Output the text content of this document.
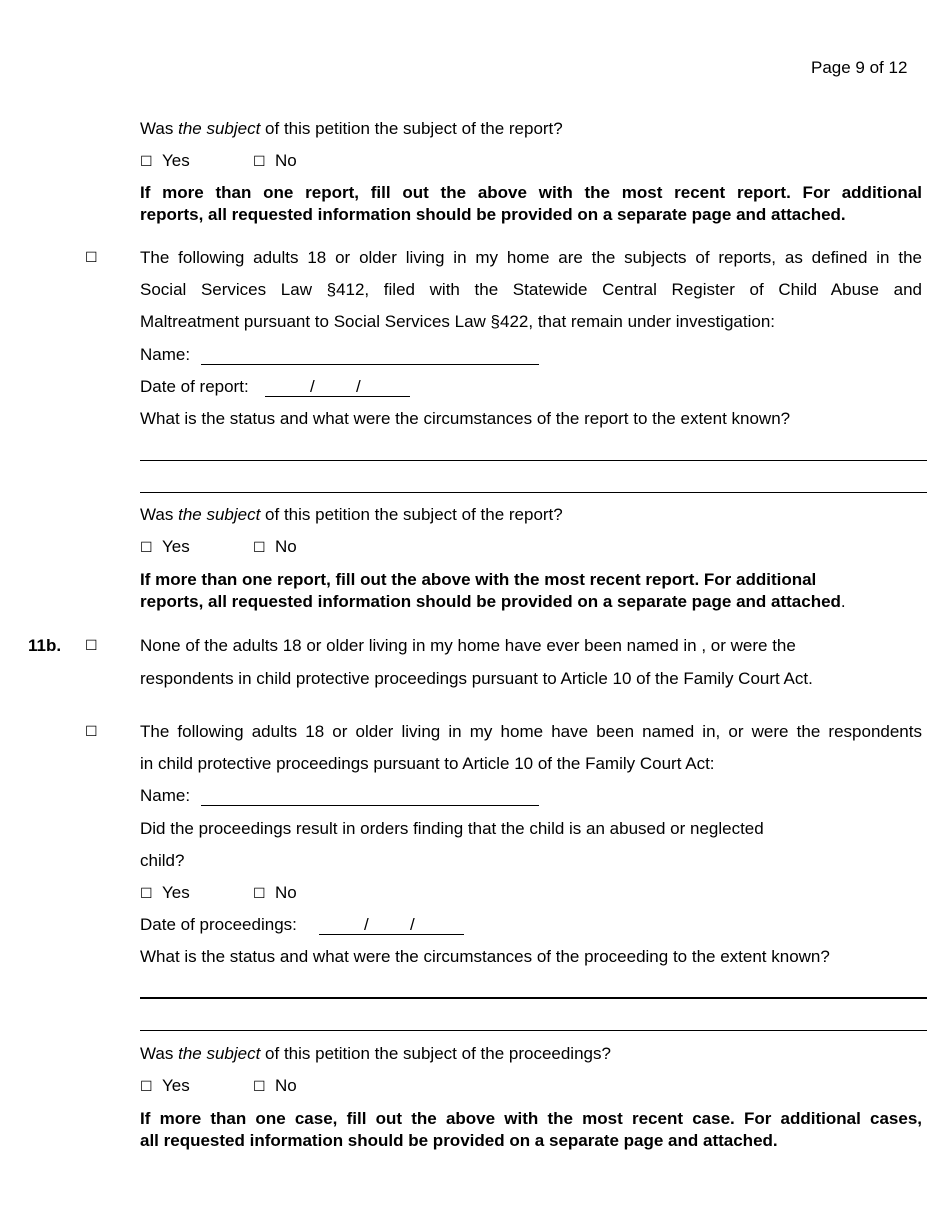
Page 9 of 12
Was the subject of this petition the subject of the report?
☐ Yes	☐ No
If more than one report, fill out the above with the most recent report. For additional
reports, all requested information should be provided on a separate page and attached.
☐ The following adults 18 or older living in my home are the subjects of reports, as defined in the
Social Services Law §412, filed with the Statewide Central Register of Child Abuse and
Maltreatment pursuant to Social Services Law §422, that remain under investigation:
Name:
Date of report:	/ /
What is the status and what were the circumstances of the report to the extent known?
Was the subject of this petition the subject of the report?
☐ Yes	☐ No
If more than one report, fill out the above with the most recent report. For additional
reports, all requested information should be provided on a separate page and attached.
11b. ☐ None of the adults 18 or older living in my home have ever been named in , or were the
respondents in child protective proceedings pursuant to Article 10 of the Family Court Act.
☐ The following adults 18 or older living in my home have been named in, or were the respondents
in child protective proceedings pursuant to Article 10 of the Family Court Act:
Name:
Did the proceedings result in orders finding that the child is an abused or neglected
child?
☐ Yes	☐ No
Date of proceedings:	/ /
What is the status and what were the circumstances of the proceeding to the extent known?
Was the subject of this petition the subject of the proceedings?
☐ Yes	☐ No
If more than one case, fill out the above with the most recent case. For additional cases,
all requested information should be provided on a separate page and attached.
